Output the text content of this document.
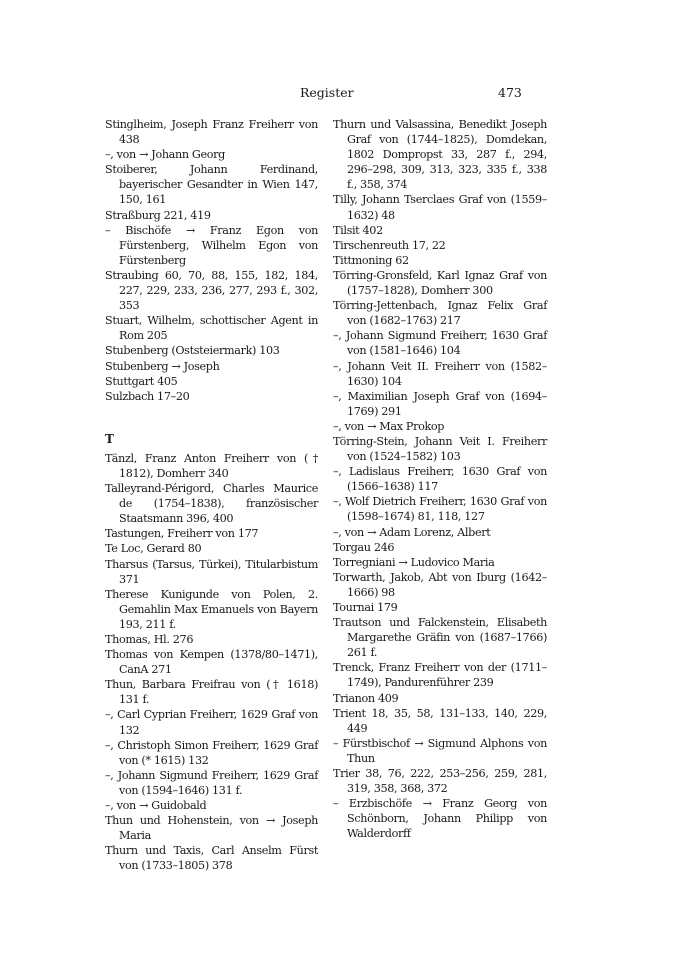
Register	473
Stinglheim, Joseph Franz Freiherr von 438
–, von → Johann Georg
Stoiberer, Johann Ferdinand, bayerischer Gesandter in Wien 147, 150, 161
Straßburg 221, 419
– Bischöfe → Franz Egon von Fürstenberg, Wilhelm Egon von Fürstenberg
Straubing 60, 70, 88, 155, 182, 184, 227, 229, 233, 236, 277, 293 f., 302, 353
Stuart, Wilhelm, schottischer Agent in Rom 205
Stubenberg (Oststeiermark) 103
Stubenberg → Joseph
Stuttgart 405
Sulzbach 17–20
T
Tänzl, Franz Anton Freiherr von († 1812), Domherr 340
Talleyrand-Périgord, Charles Maurice de (1754–1838), französischer Staatsmann 396, 400
Tastungen, Freiherr von 177
Te Loc, Gerard 80
Tharsus (Tarsus, Türkei), Titularbistum 371
Therese Kunigunde von Polen, 2. Gemahlin Max Emanuels von Bayern 193, 211 f.
Thomas, Hl. 276
Thomas von Kempen (1378/80–1471), CanA 271
Thun, Barbara Freifrau von († 1618) 131 f.
–, Carl Cyprian Freiherr, 1629 Graf von 132
–, Christoph Simon Freiherr, 1629 Graf von (* 1615) 132
–, Johann Sigmund Freiherr, 1629 Graf von (1594–1646) 131 f.
–, von → Guidobald
Thun und Hohenstein, von → Joseph Maria
Thurn und Taxis, Carl Anselm Fürst von (1733–1805) 378
Thurn und Valsassina, Benedikt Joseph Graf von (1744–1825), Domdekan, 1802 Dompropst 33, 287 f., 294, 296–298, 309, 313, 323, 335 f., 338 f., 358, 374
Tilly, Johann Tserclaes Graf von (1559–1632) 48
Tilsit 402
Tirschenreuth 17, 22
Tittmoning 62
Törring-Gronsfeld, Karl Ignaz Graf von (1757–1828), Domherr 300
Törring-Jettenbach, Ignaz Felix Graf von (1682–1763) 217
–, Johann Sigmund Freiherr, 1630 Graf von (1581–1646) 104
–, Johann Veit II. Freiherr von (1582–1630) 104
–, Maximilian Joseph Graf von (1694–1769) 291
–, von → Max Prokop
Törring-Stein, Johann Veit I. Freiherr von (1524–1582) 103
–, Ladislaus Freiherr, 1630 Graf von (1566–1638) 117
–, Wolf Dietrich Freiherr, 1630 Graf von (1598–1674) 81, 118, 127
–, von → Adam Lorenz, Albert
Torgau 246
Torregniani → Ludovico Maria
Torwarth, Jakob, Abt von Iburg (1642–1666) 98
Tournai 179
Trautson und Falckenstein, Elisabeth Margarethe Gräfin von (1687–1766) 261 f.
Trenck, Franz Freiherr von der (1711–1749), Pandurenführer 239
Trianon 409
Trient 18, 35, 58, 131–133, 140, 229, 449
– Fürstbischof → Sigmund Alphons von Thun
Trier 38, 76, 222, 253–256, 259, 281, 319, 358, 368, 372
– Erzbischöfe → Franz Georg von Schönborn, Johann Philipp von Walderdorff
